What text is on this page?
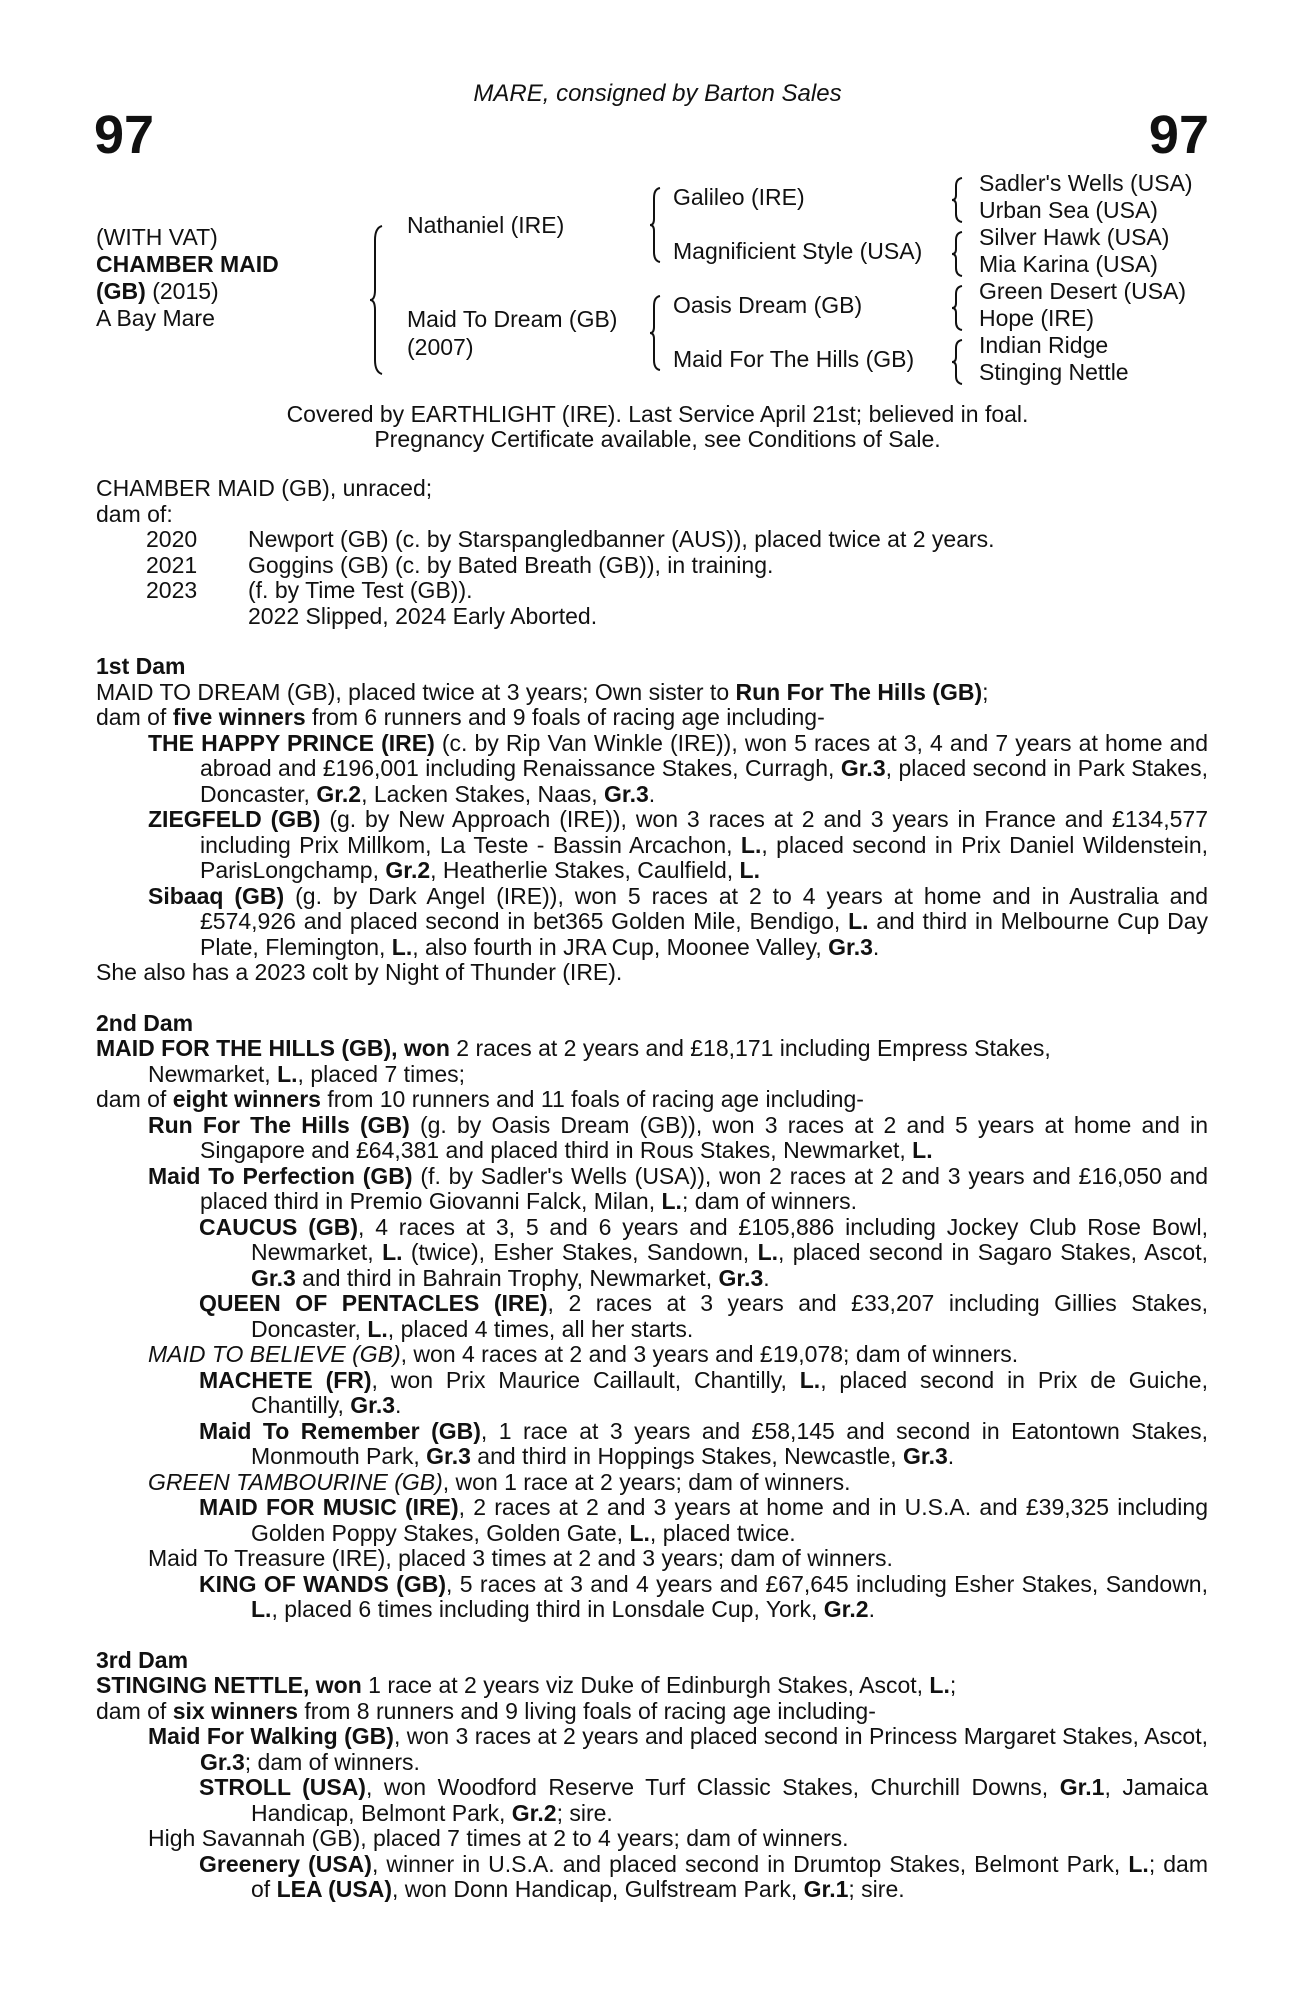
MARE, consigned by Barton Sales
97	97
(WITH VAT)
CHAMBER MAID
(GB) (2015)
A Bay Mare
Nathaniel (IRE)
Maid To Dream (GB)
(2007)
Galileo (IRE)
Magnificient Style (USA)
Oasis Dream (GB)
Maid For The Hills (GB)
Sadler's Wells (USA)
Urban Sea (USA)
Silver Hawk (USA)
Mia Karina (USA)
Green Desert (USA)
Hope (IRE)
Indian Ridge
Stinging Nettle
Covered by EARTHLIGHT (IRE). Last Service April 21st; believed in foal.
Pregnancy Certificate available, see Conditions of Sale.

CHAMBER MAID (GB), unraced;

dam of:

2020 Newport (GB) (c. by Starspangledbanner (AUS)), placed twice at 2 years.
2021 Goggins (GB) (c. by Bated Breath (GB)), in training.
2023 (f. by Time Test (GB)).
2022 Slipped, 2024 Early Aborted.

1st Dam

MAID TO DREAM (GB), placed twice at 3 years; Own sister to Run For The Hills (GB);

dam of five winners from 6 runners and 9 foals of racing age including-

THE HAPPY PRINCE (IRE) (c. by Rip Van Winkle (IRE)), won 5 races at 3, 4 and 7 years at home and abroad and £196,001 including Renaissance Stakes, Curragh, Gr.3, placed second in Park Stakes, Doncaster, Gr.2, Lacken Stakes, Naas, Gr.3.

ZIEGFELD (GB) (g. by New Approach (IRE)), won 3 races at 2 and 3 years in France and £134,577 including Prix Millkom, La Teste - Bassin Arcachon, L., placed second in Prix Daniel Wildenstein, ParisLongchamp, Gr.2, Heatherlie Stakes, Caulfield, L.

Sibaaq (GB) (g. by Dark Angel (IRE)), won 5 races at 2 to 4 years at home and in Australia and £574,926 and placed second in bet365 Golden Mile, Bendigo, L. and third in Melbourne Cup Day Plate, Flemington, L., also fourth in JRA Cup, Moonee Valley, Gr.3.

She also has a 2023 colt by Night of Thunder (IRE).

2nd Dam

MAID FOR THE HILLS (GB), won 2 races at 2 years and £18,171 including Empress Stakes,

Newmarket, L., placed 7 times;

dam of eight winners from 10 runners and 11 foals of racing age including-

Run For The Hills (GB) (g. by Oasis Dream (GB)), won 3 races at 2 and 5 years at home and in Singapore and £64,381 and placed third in Rous Stakes, Newmarket, L.

Maid To Perfection (GB) (f. by Sadler's Wells (USA)), won 2 races at 2 and 3 years and £16,050 and placed third in Premio Giovanni Falck, Milan, L.; dam of winners.

CAUCUS (GB), 4 races at 3, 5 and 6 years and £105,886 including Jockey Club Rose Bowl, Newmarket, L. (twice), Esher Stakes, Sandown, L., placed second in Sagaro Stakes, Ascot, Gr.3 and third in Bahrain Trophy, Newmarket, Gr.3.

QUEEN OF PENTACLES (IRE), 2 races at 3 years and £33,207 including Gillies Stakes, Doncaster, L., placed 4 times, all her starts.

MAID TO BELIEVE (GB), won 4 races at 2 and 3 years and £19,078; dam of winners.

MACHETE (FR), won Prix Maurice Caillault, Chantilly, L., placed second in Prix de Guiche, Chantilly, Gr.3.

Maid To Remember (GB), 1 race at 3 years and £58,145 and second in Eatontown Stakes, Monmouth Park, Gr.3 and third in Hoppings Stakes, Newcastle, Gr.3.

GREEN TAMBOURINE (GB), won 1 race at 2 years; dam of winners.

MAID FOR MUSIC (IRE), 2 races at 2 and 3 years at home and in U.S.A. and £39,325 including Golden Poppy Stakes, Golden Gate, L., placed twice.

Maid To Treasure (IRE), placed 3 times at 2 and 3 years; dam of winners.

KING OF WANDS (GB), 5 races at 3 and 4 years and £67,645 including Esher Stakes, Sandown, L., placed 6 times including third in Lonsdale Cup, York, Gr.2.

3rd Dam

STINGING NETTLE, won 1 race at 2 years viz Duke of Edinburgh Stakes, Ascot, L.;

dam of six winners from 8 runners and 9 living foals of racing age including-

Maid For Walking (GB), won 3 races at 2 years and placed second in Princess Margaret Stakes, Ascot, Gr.3; dam of winners.

STROLL (USA), won Woodford Reserve Turf Classic Stakes, Churchill Downs, Gr.1, Jamaica Handicap, Belmont Park, Gr.2; sire.

High Savannah (GB), placed 7 times at 2 to 4 years; dam of winners.

Greenery (USA), winner in U.S.A. and placed second in Drumtop Stakes, Belmont Park, L.; dam of LEA (USA), won Donn Handicap, Gulfstream Park, Gr.1; sire.
